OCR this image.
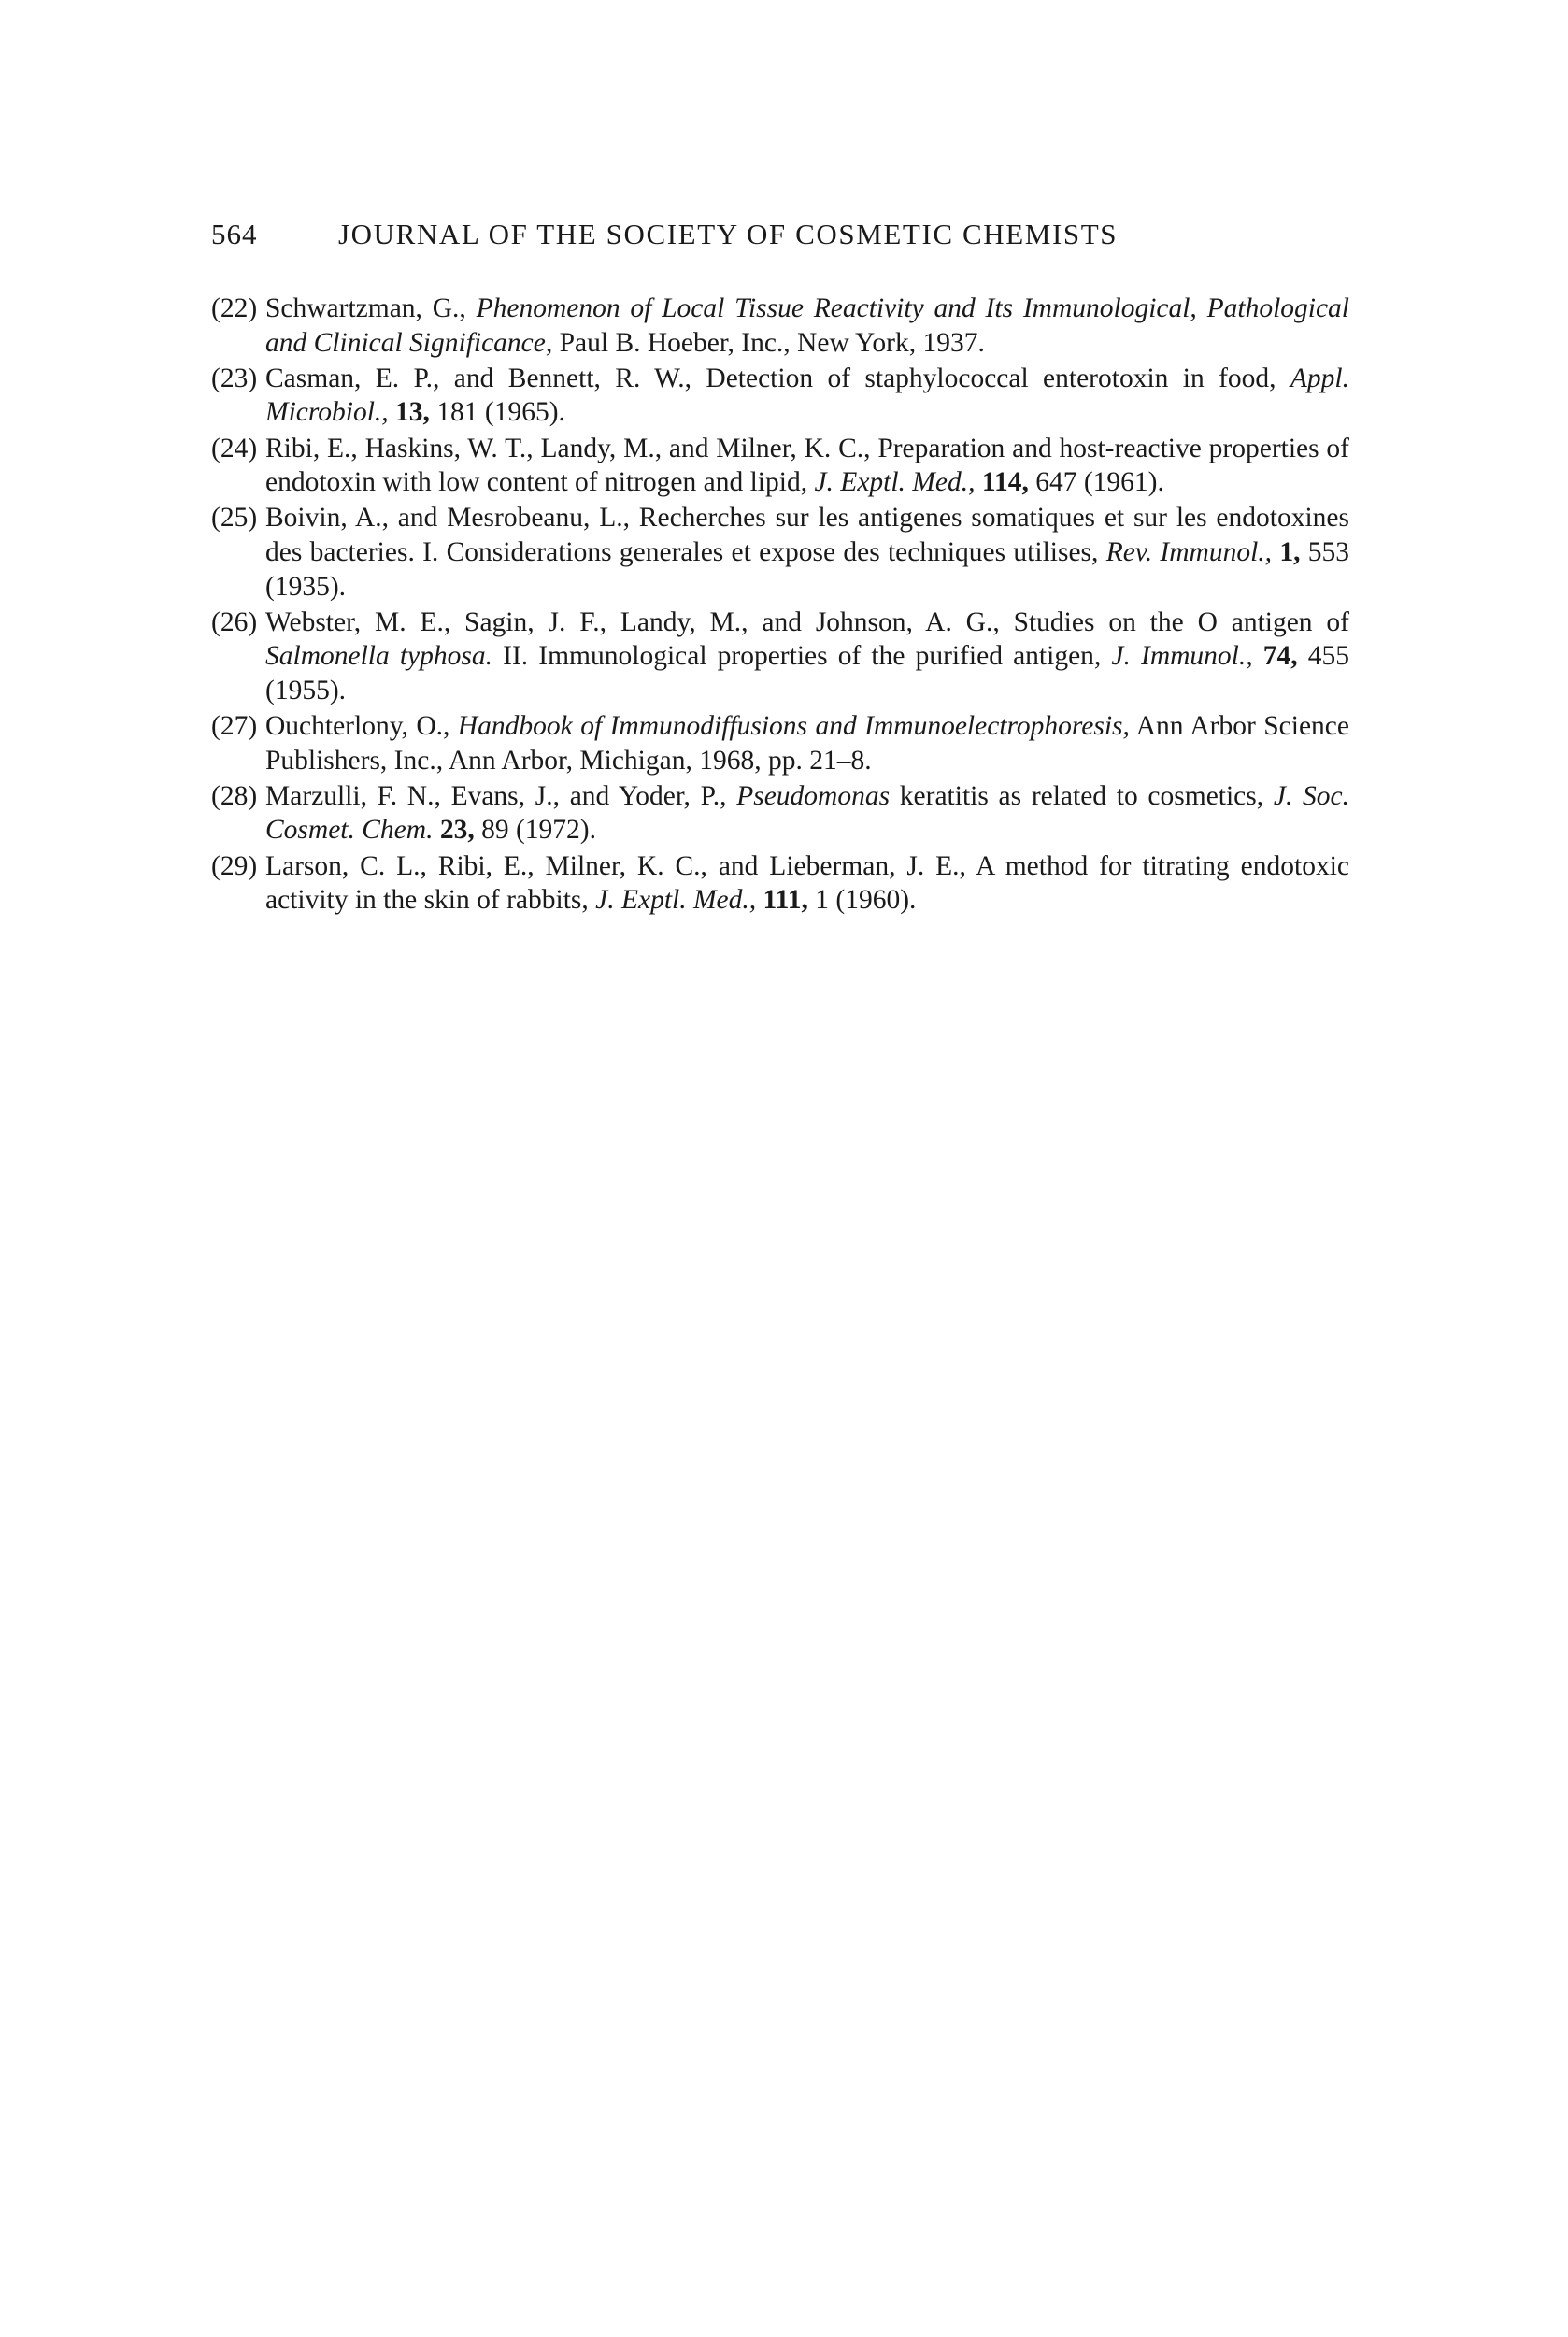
564	JOURNAL OF THE SOCIETY OF COSMETIC CHEMISTS

(22) Schwartzman, G., Phenomenon of Local Tissue Reactivity and Its Immunological, Pathological and Clinical Significance, Paul B. Hoeber, Inc., New York, 1937.

(23) Casman, E. P., and Bennett, R. W., Detection of staphylococcal enterotoxin in food, Appl. Microbiol., 13, 181 (1965).

(24) Ribi, E., Haskins, W. T., Landy, M., and Milner, K. C., Preparation and host-reactive properties of endotoxin with low content of nitrogen and lipid, J. Exptl. Med., 114, 647 (1961).

(25) Boivin, A., and Mesrobeanu, L., Recherches sur les antigenes somatiques et sur les endotoxines des bacteries. I. Considerations generales et expose des techniques utilises, Rev. Immunol., 1, 553 (1935).

(26) Webster, M. E., Sagin, J. F., Landy, M., and Johnson, A. G., Studies on the O antigen of Salmonella typhosa. II. Immunological properties of the purified antigen, J. Immunol., 74, 455 (1955).

(27) Ouchterlony, O., Handbook of Immunodiffusions and Immunoelectrophoresis, Ann Arbor Science Publishers, Inc., Ann Arbor, Michigan, 1968, pp. 21–8.

(28) Marzulli, F. N., Evans, J., and Yoder, P., Pseudomonas keratitis as related to cosmetics, J. Soc. Cosmet. Chem. 23, 89 (1972).

(29) Larson, C. L., Ribi, E., Milner, K. C., and Lieberman, J. E., A method for titrating endotoxic activity in the skin of rabbits, J. Exptl. Med., 111, 1 (1960).
